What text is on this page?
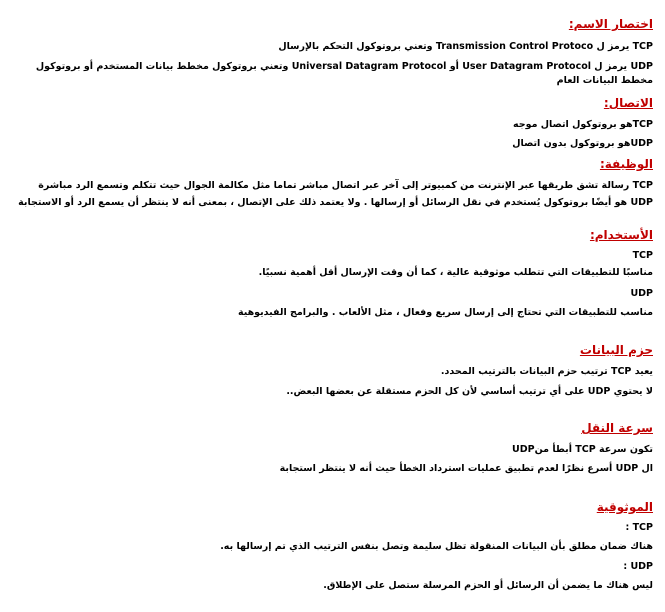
اختصار الاسم:
TCP يرمز ل Transmission Control Protoco وتعني بروتوكول التحكم بالإرسال
UDP يرمز ل User Datagram Protocol أو Universal Datagram Protocol وتعني بروتوكول مخطط بيانات المستخدم أو بروتوكول مخطط البيانات العام
الاتصال:
TCPهو بروتوكول اتصال موجه
UDPهو بروتوكول بدون اتصال
الوظيفة:
TCP رسالة تشق طريقها عبر الإنترنت من كمبيوتر إلى آخر عبر اتصال مباشر تماما مثل مكالمة الجوال حيث تتكلم وتسمع الرد مباشرة
UDP هو أيضًا بروتوكول يُستخدم في نقل الرسائل أو إرسالها . ولا يعتمد ذلك على الإتصال ، بمعنى أنه لا ينتظر أن يسمع الرد أو الاستجابة
الأستخدام:
TCP
مناسبًا للتطبيقات التي تتطلب موثوقية عالية ، كما أن وقت الإرسال أقل أهمية نسبيًا.
UDP
مناسب للتطبيقات التي تحتاج إلى إرسال سريع وفعال ، مثل الألعاب . والبرامج الفيديوهية
حزم البيانات
يعيد TCP ترتيب حزم البيانات بالترتيب المحدد.
لا يحتوي UDP على أي ترتيب أساسي لأن كل الحزم مستقلة عن بعضها البعض..
سرعة النقل
تكون سرعة TCP أبطأ منUDP
ال UDP أسرع نظرًا لعدم تطبيق عمليات استرداد الخطأ حيث أنه لا ينتظر استجابة
الموثوقية
TCP :
هناك ضمان مطلق بأن البيانات المنقولة تظل سليمة وتصل بنفس الترتيب الذي تم إرسالها به.
UDP :
ليس هناك ما يضمن أن الرسائل أو الحزم المرسلة ستصل على الإطلاق.
